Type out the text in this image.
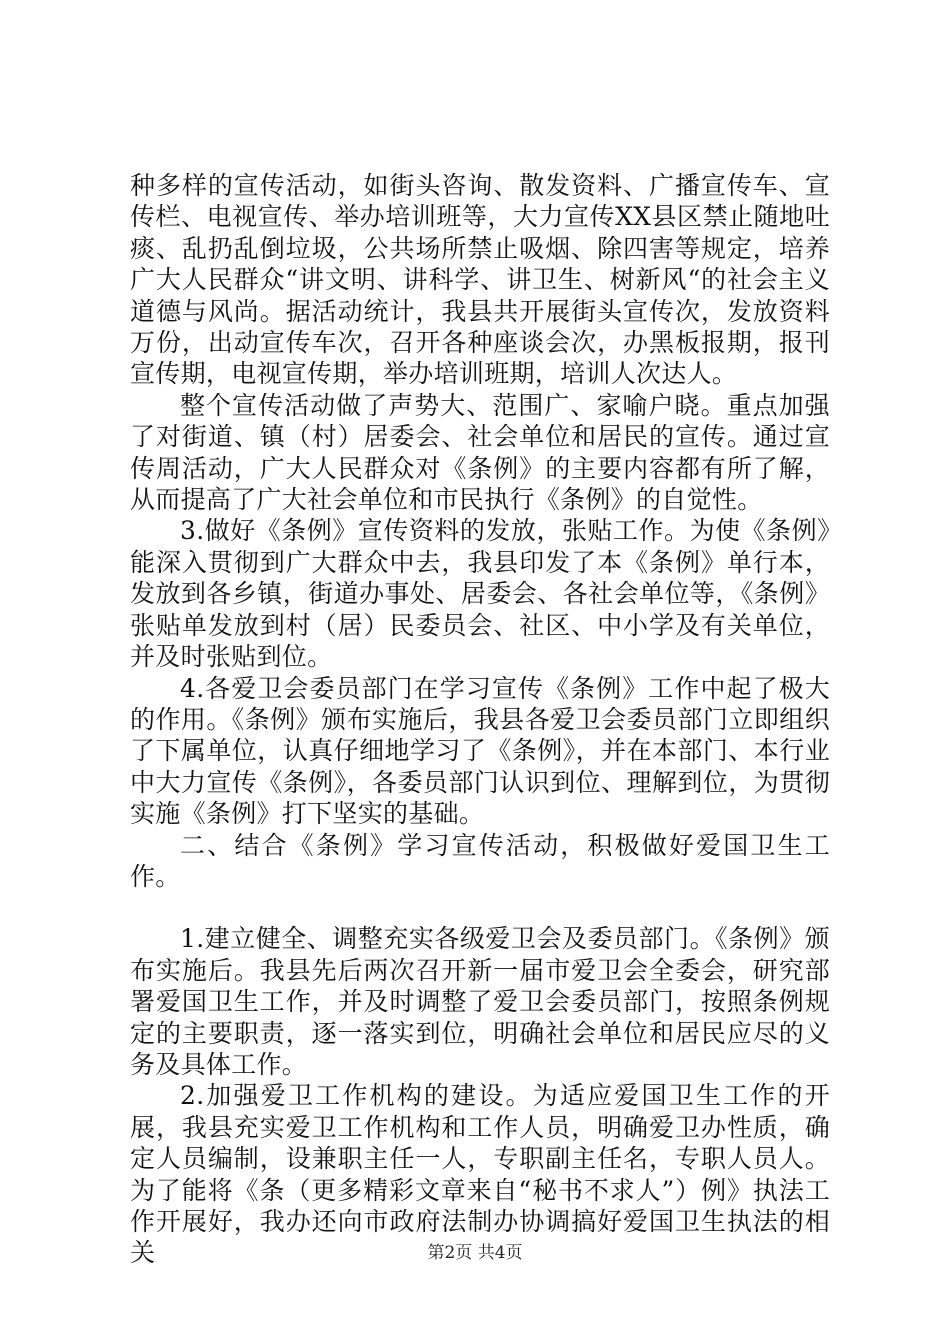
种多样的宣传活动，如街头咨询、散发资料、广播宣传车、宣传栏、电视宣传、举办培训班等，大力宣传XX县区禁止随地吐痰、乱扔乱倒垃圾，公共场所禁止吸烟、除四害等规定，培养广大人民群众“讲文明、讲科学、讲卫生、树新风“的社会主义道德与风尚。据活动统计，我县共开展街头宣传次，发放资料万份，出动宣传车次，召开各种座谈会次，办黑板报期，报刊宣传期，电视宣传期，举办培训班期，培训人次达人。

整个宣传活动做了声势大、范围广、家喻户晓。重点加强了对街道、镇（村）居委会、社会单位和居民的宣传。通过宣传周活动，广大人民群众对《条例》的主要内容都有所了解，从而提高了广大社会单位和市民执行《条例》的自觉性。

3.做好《条例》宣传资料的发放，张贴工作。为使《条例》能深入贯彻到广大群众中去，我县印发了本《条例》单行本，发放到各乡镇，街道办事处、居委会、各社会单位等，《条例》张贴单发放到村（居）民委员会、社区、中小学及有关单位，并及时张贴到位。

4.各爱卫会委员部门在学习宣传《条例》工作中起了极大的作用。《条例》颁布实施后，我县各爱卫会委员部门立即组织了下属单位，认真仔细地学习了《条例》，并在本部门、本行业中大力宣传《条例》，各委员部门认识到位、理解到位，为贯彻实施《条例》打下坚实的基础。

二、结合《条例》学习宣传活动，积极做好爱国卫生工作。

1.建立健全、调整充实各级爱卫会及委员部门。《条例》颁布实施后。我县先后两次召开新一届市爱卫会全委会，研究部署爱国卫生工作，并及时调整了爱卫会委员部门，按照条例规定的主要职责，逐一落实到位，明确社会单位和居民应尽的义务及具体工作。

2.加强爱卫工作机构的建设。为适应爱国卫生工作的开展，我县充实爱卫工作机构和工作人员，明确爱卫办性质，确定人员编制，设兼职主任一人，专职副主任名，专职人员人。为了能将《条（更多精彩文章来自“秘书不求人”）例》执法工作开展好，我办还向市政府法制办协调搞好爱国卫生执法的相关	第2页 共4页
